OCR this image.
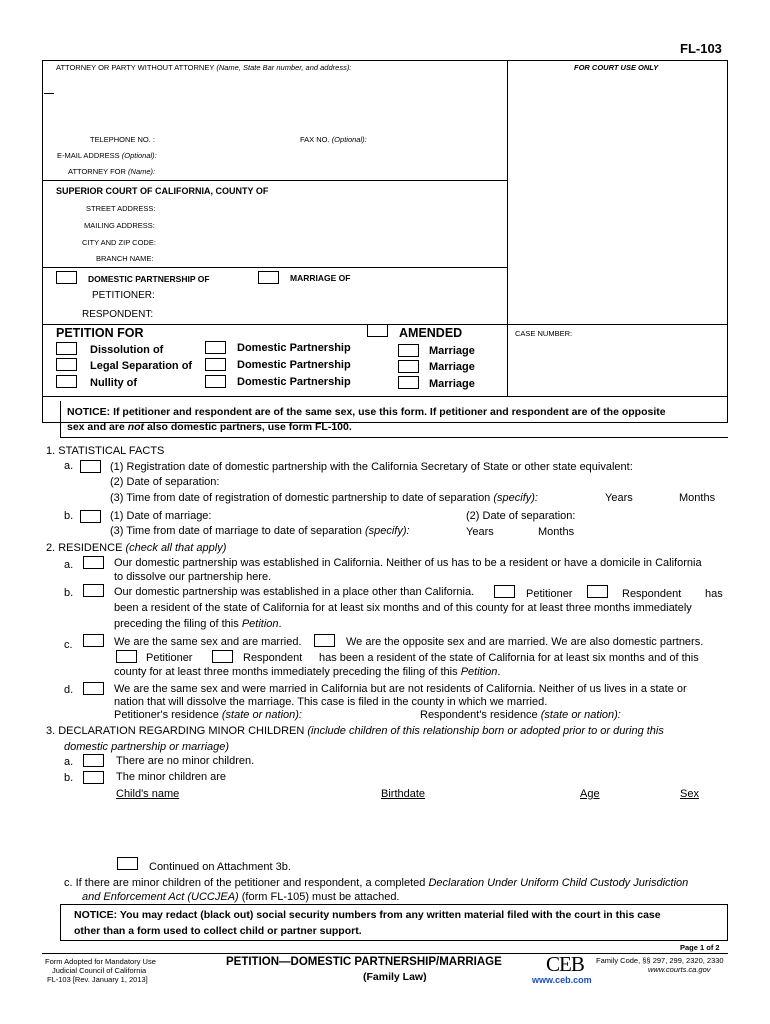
FL-103
ATTORNEY OR PARTY WITHOUT ATTORNEY (Name, State Bar number, and address):	FOR COURT USE ONLY
TELEPHONE NO. :	FAX NO. (Optional):
E-MAIL ADDRESS (Optional):
ATTORNEY FOR (Name):
SUPERIOR COURT OF CALIFORNIA, COUNTY OF
STREET ADDRESS:
MAILING ADDRESS:
CITY AND ZIP CODE:
BRANCH NAME:
DOMESTIC PARTNERSHIP OF	MARRIAGE OF
PETITIONER:
RESPONDENT:
PETITION FOR	AMENDED	CASE NUMBER:
Dissolution of	Domestic Partnership	Marriage
Legal Separation of	Domestic Partnership	Marriage
Nullity of	Domestic Partnership	Marriage
NOTICE: If petitioner and respondent are of the same sex, use this form. If petitioner and respondent are of the opposite
sex and are not also domestic partners, use form FL-100.
1. STATISTICAL FACTS
a.	(1) Registration date of domestic partnership with the California Secretary of State or other state equivalent:
(2) Date of separation:
(3) Time from date of registration of domestic partnership to date of separation (specify):	Years	Months
b.	(1) Date of marriage:	(2) Date of separation:
(3) Time from date of marriage to date of separation (specify):	Years	Months
2. RESIDENCE (check all that apply)
a.	Our domestic partnership was established in California. Neither of us has to be a resident or have a domicile in California
to dissolve our partnership here.
b.	Our domestic partnership was established in a place other than California.	Petitioner	Respondent has
been a resident of the state of California for at least six months and of this county for at least three months immediately
preceding the filing of this Petition.
c.	We are the same sex and are married.	We are the opposite sex and are married. We are also domestic partners.
Petitioner	Respondent has been a resident of the state of California for at least six months and of this
county for at least three months immediately preceding the filing of this Petition.
d.	We are the same sex and were married in California but are not residents of California. Neither of us lives in a state or
nation that will dissolve the marriage. This case is filed in the county in which we married.
Petitioner's residence (state or nation):	Respondent's residence (state or nation):
3. DECLARATION REGARDING MINOR CHILDREN (include children of this relationship born or adopted prior to or during this
domestic partnership or marriage)
a.	There are no minor children.
b.	The minor children are
Child's name	Birthdate	Age	Sex
Continued on Attachment 3b.
c. If there are minor children of the petitioner and respondent, a completed Declaration Under Uniform Child Custody Jurisdiction
and Enforcement Act (UCCJEA) (form FL-105) must be attached.
NOTICE: You may redact (black out) social security numbers from any written material filed with the court in this case
other than a form used to collect child or partner support.
Page 1 of 2
Form Adopted for Mandatory Use
Judicial Council of California
FL-103 [Rev. January 1, 2013]
PETITION—DOMESTIC PARTNERSHIP/MARRIAGE
(Family Law)
CEB
www.ceb.com
Family Code, §§ 297, 299, 2320, 2330
www.courts.ca.gov
